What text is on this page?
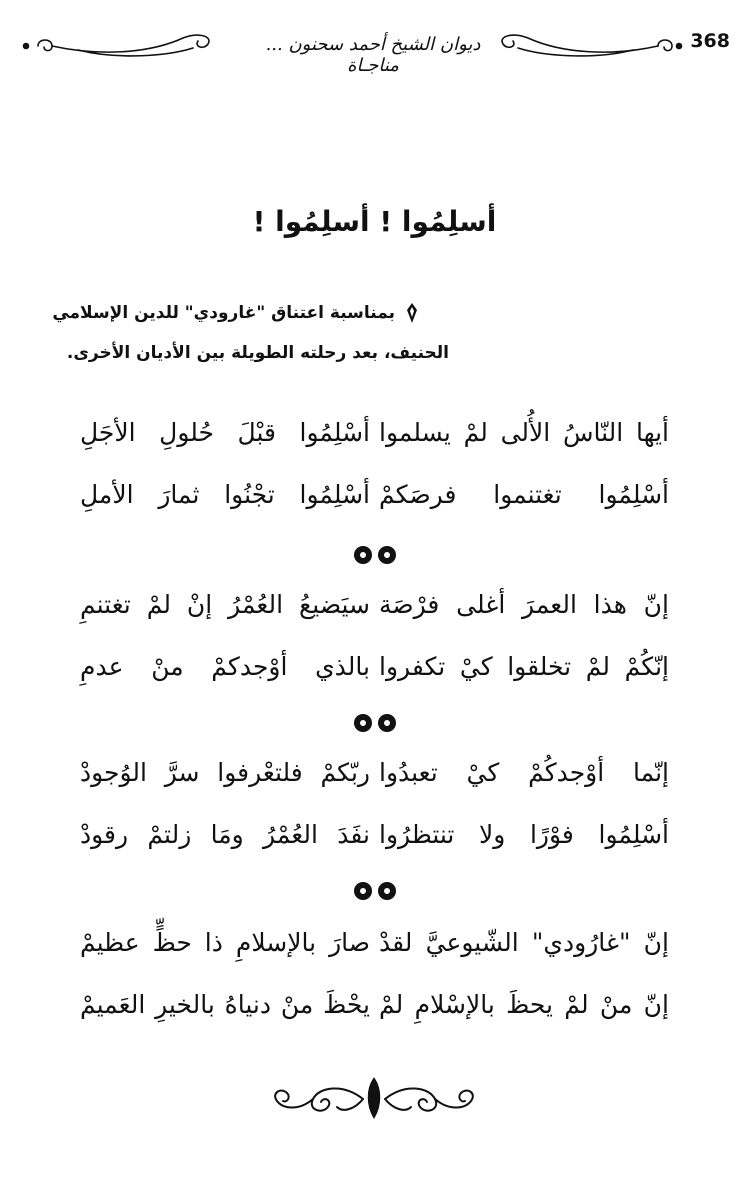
ديوان الشيخ أحمد سحنون ... مناجـاة
368
أسلِمُوا ! أسلِمُوا !
بمناسبة اعتناق "غارودي" للدين الإسلامي
الحنيف، بعد رحلته الطويلة بين الأديان الأخرى.
أيها النّاسُ الأُلى لمْ يسلموا
أسْلِمُوا قبْلَ حُلولِ الأجَلِ
أسْلِمُوا تغتنموا فرصَكمْ
أسْلِمُوا تجْنُوا ثمارَ الأملِ
إنّ هذا العمرَ أغلى فرْصَة
سيَضيعُ العُمْرُ إنْ لمْ تغتنمِ
إنّكُمْ لمْ تخلقوا كيْ تكفروا
بالذي أوْجدكمْ منْ عدمِ
إنّما أوْجدكُمْ كيْ تعبدُوا
ربّكمْ فلتعْرفوا سرَّ الوُجودْ
أسْلِمُوا فوْرًا ولا تنتظرُوا
نفَدَ العُمْرُ ومَا زلتمْ رقودْ
إنّ "غارُودي" الشّيوعيَّ لقدْ
صارَ بالإسلامِ ذا حظٍّ عظيمْ
إنّ منْ لمْ يحظَ بالإسْلامِ لمْ
يحْظَ منْ دنياهُ بالخيرِ العَميمْ
